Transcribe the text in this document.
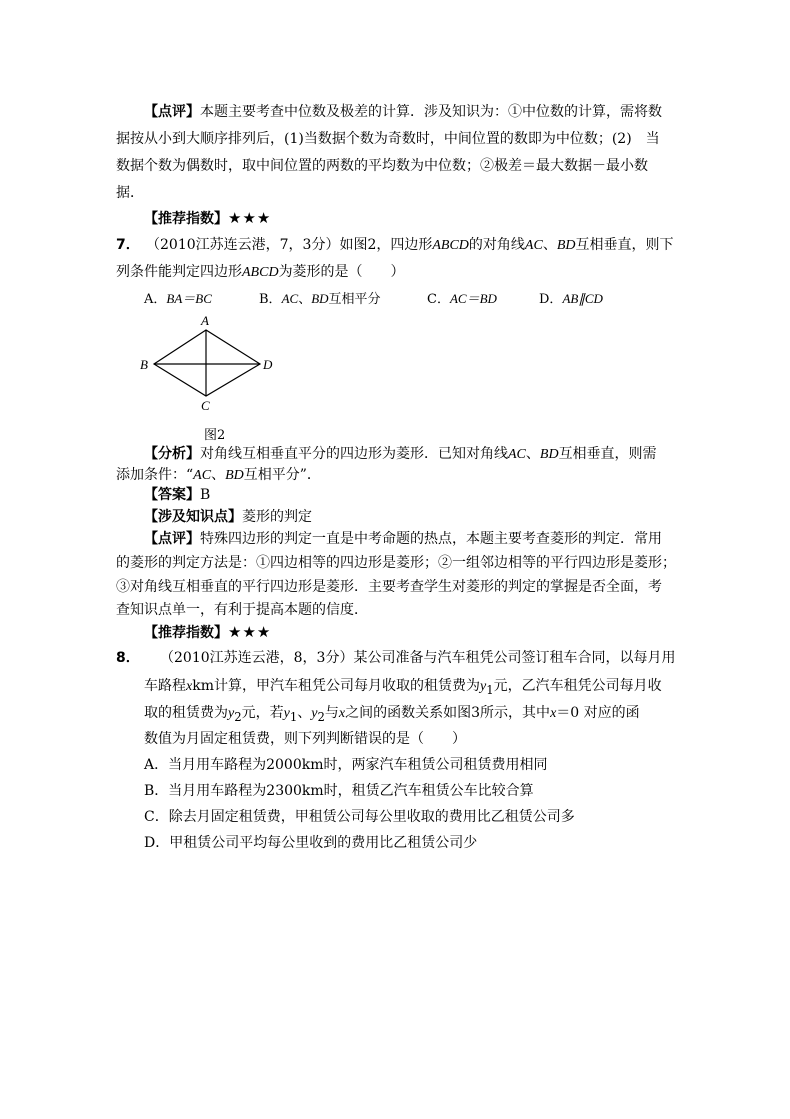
【点评】本题主要考查中位数及极差的计算．涉及知识为：①中位数的计算，需将数
据按从小到大顺序排列后，(1)当数据个数为奇数时，中间位置的数即为中位数；(2)　当
数据个数为偶数时，取中间位置的两数的平均数为中位数；②极差＝最大数据－最小数
据．
【推荐指数】★★★
7． （2010江苏连云港，7，3分）如图2，四边形ABCD的对角线AC、BD互相垂直，则下
列条件能判定四边形ABCD为菱形的是（　　）
A．BA＝BC	B．AC、BD互相平分	C．AC＝BD	D．AB∥CD
A
B
C
D
图2
【分析】对角线互相垂直平分的四边形为菱形．已知对角线AC、BD互相垂直，则需
添加条件：“AC、BD互相平分”．
【答案】B
【涉及知识点】菱形的判定
【点评】特殊四边形的判定一直是中考命题的热点，本题主要考查菱形的判定．常用
的菱形的判定方法是：①四边相等的四边形是菱形；②一组邻边相等的平行四边形是菱形；
③对角线互相垂直的平行四边形是菱形．主要考查学生对菱形的判定的掌握是否全面，考
查知识点单一，有利于提高本题的信度．
【推荐指数】★★★
8． （2010江苏连云港，8，3分）某公司准备与汽车租凭公司签订租车合同，以每月用
车路程xkm计算，甲汽车租凭公司每月收取的租赁费为$y_1$元，乙汽车租凭公司每月收
取的租赁费为$y_2$元，若$y_1$、$y_2$与x之间的函数关系如图3所示，其中x＝0 对应的函
数值为月固定租赁费，则下列判断错误的是（　　）
A．当月用车路程为2000km时，两家汽车租赁公司租赁费用相同
B．当月用车路程为2300km时，租赁乙汽车租赁公车比较合算
C．除去月固定租赁费，甲租赁公司每公里收取的费用比乙租赁公司多
D．甲租赁公司平均每公里收到的费用比乙租赁公司少
